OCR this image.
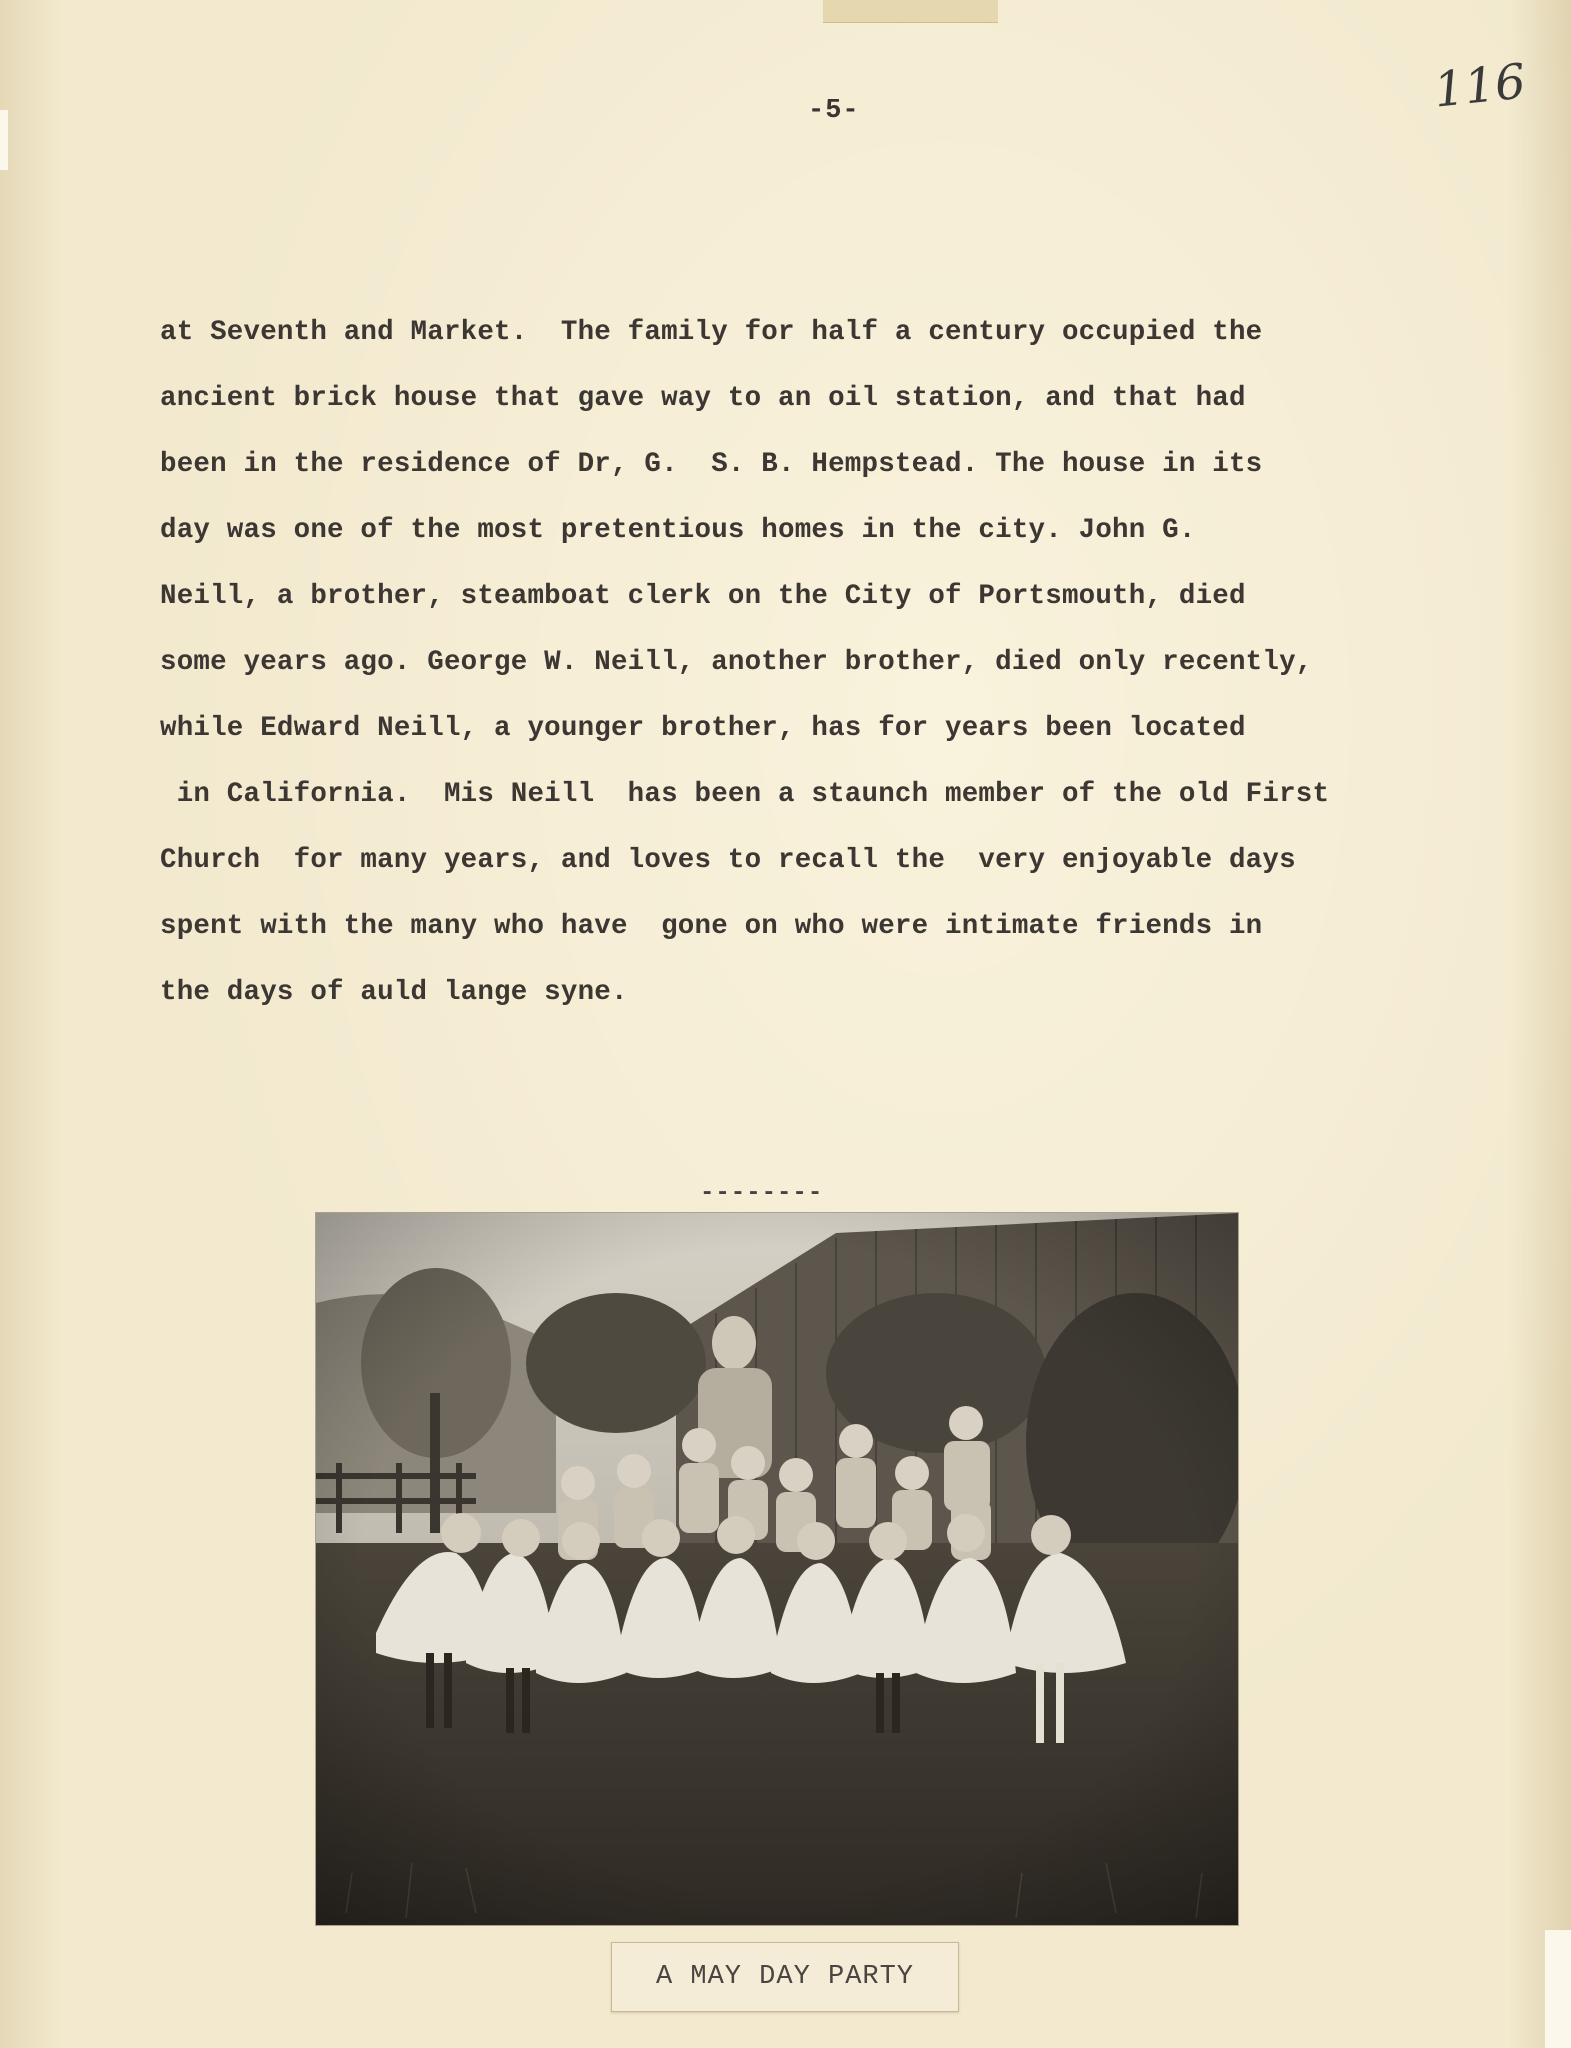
-5-	116
at Seventh and Market.  The family for half a century occupied the
ancient brick house that gave way to an oil station, and that had
been in the residence of Dr, G.  S. B. Hempstead. The house in its
day was one of the most pretentious homes in the city. John G.
Neill, a brother, steamboat clerk on the City of Portsmouth, died
some years ago. George W. Neill, another brother, died only recently,
while Edward Neill, a younger brother, has for years been located
in California.  Mis Neill  has been a staunch member of the old First
Church  for many years, and loves to recall the  very enjoyable days
spent with the many who have  gone on who were intimate friends in
the days of auld lange syne.
--------
A MAY DAY PARTY
